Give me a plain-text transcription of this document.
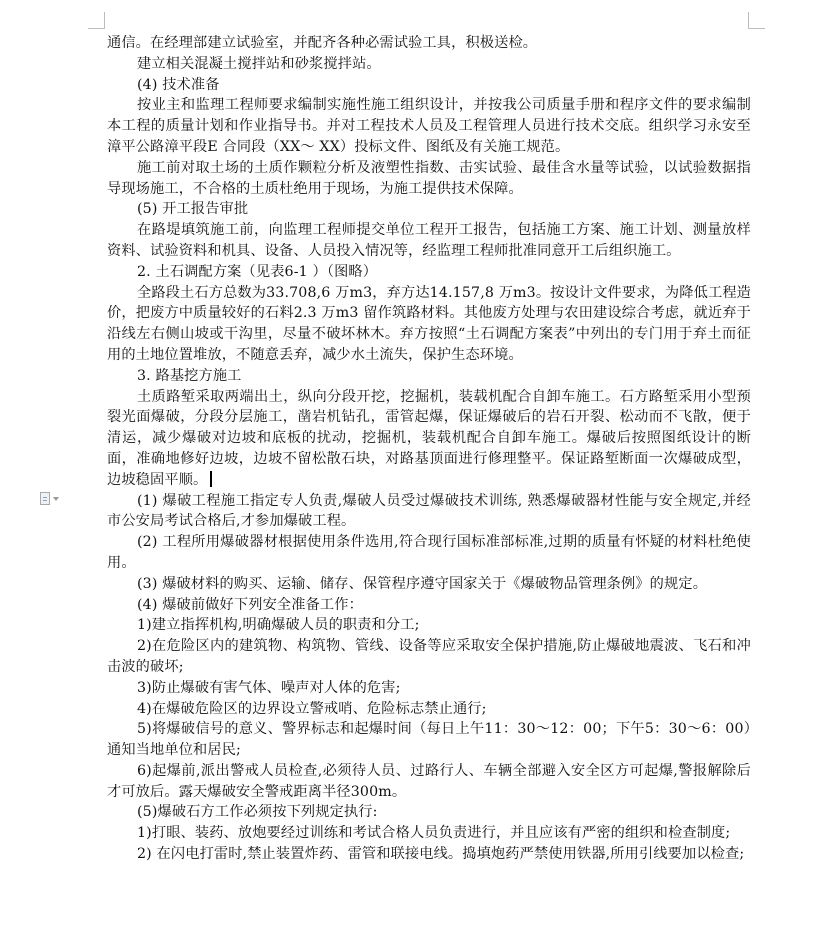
通信。在经理部建立试验室，并配齐各种必需试验工具，积极送检。

建立相关混凝土搅拌站和砂浆搅拌站。

(4) 技术准备

按业主和监理工程师要求编制实施性施工组织设计，并按我公司质量手册和程序文件的要求编制本工程的质量计划和作业指导书。并对工程技术人员及工程管理人员进行技术交底。组织学习永安至漳平公路漳平段E 合同段（XX～ XX）投标文件、图纸及有关施工规范。

施工前对取土场的土质作颗粒分析及液塑性指数、击实试验、最佳含水量等试验，以试验数据指导现场施工，不合格的土质杜绝用于现场，为施工提供技术保障。

(5) 开工报告审批

在路堤填筑施工前，向监理工程师提交单位工程开工报告，包括施工方案、施工计划、测量放样资料、试验资料和机具、设备、人员投入情况等，经监理工程师批准同意开工后组织施工。

2. 土石调配方案（见表6-1 ）（图略）

全路段土石方总数为33.708,6 万m3，弃方达14.157,8 万m3。按设计文件要求，为降低工程造价，把废方中质量较好的石料2.3 万m3 留作筑路材料。其他废方处理与农田建设综合考虑，就近弃于沿线左右侧山坡或干沟里，尽量不破坏林木。弃方按照“土石调配方案表”中列出的专门用于弃土而征用的土地位置堆放，不随意丢弃，减少水土流失，保护生态环境。

3. 路基挖方施工

土质路堑采取两端出土，纵向分段开挖，挖掘机，装载机配合自卸车施工。石方路堑采用小型预裂光面爆破，分段分层施工，凿岩机钻孔，雷管起爆，保证爆破后的岩石开裂、松动而不飞散，便于清运，减少爆破对边坡和底板的扰动，挖掘机，装载机配合自卸车施工。爆破后按照图纸设计的断面，准确地修好边坡，边坡不留松散石块，对路基顶面进行修理整平。保证路堑断面一次爆破成型，边坡稳固平顺。

(1) 爆破工程施工指定专人负责,爆破人员受过爆破技术训练, 熟悉爆破器材性能与安全规定,并经市公安局考试合格后,才参加爆破工程。

(2) 工程所用爆破器材根据使用条件选用,符合现行国标准部标准,过期的质量有怀疑的材料杜绝使用。

(3) 爆破材料的购买、运输、储存、保管程序遵守国家关于《爆破物品管理条例》的规定。

(4) 爆破前做好下列安全准备工作：

1)建立指挥机构,明确爆破人员的职责和分工;

2)在危险区内的建筑物、构筑物、管线、设备等应采取安全保护措施,防止爆破地震波、飞石和冲击波的破坏;

3)防止爆破有害气体、噪声对人体的危害;

4)在爆破危险区的边界设立警戒哨、危险标志禁止通行;

5)将爆破信号的意义、警界标志和起爆时间（每日上午11：30～12：00；下午5：30～6：00）通知当地单位和居民;

6)起爆前,派出警戒人员检查,必须待人员、过路行人、车辆全部避入安全区方可起爆,警报解除后才可放后。露天爆破安全警戒距离半径300m。

(5)爆破石方工作必须按下列规定执行:

1)打眼、装药、放炮要经过训练和考试合格人员负责进行，并且应该有严密的组织和检查制度;

2) 在闪电打雷时,禁止装置炸药、雷管和联接电线。捣填炮药严禁使用铁器,所用引线要加以检查;
